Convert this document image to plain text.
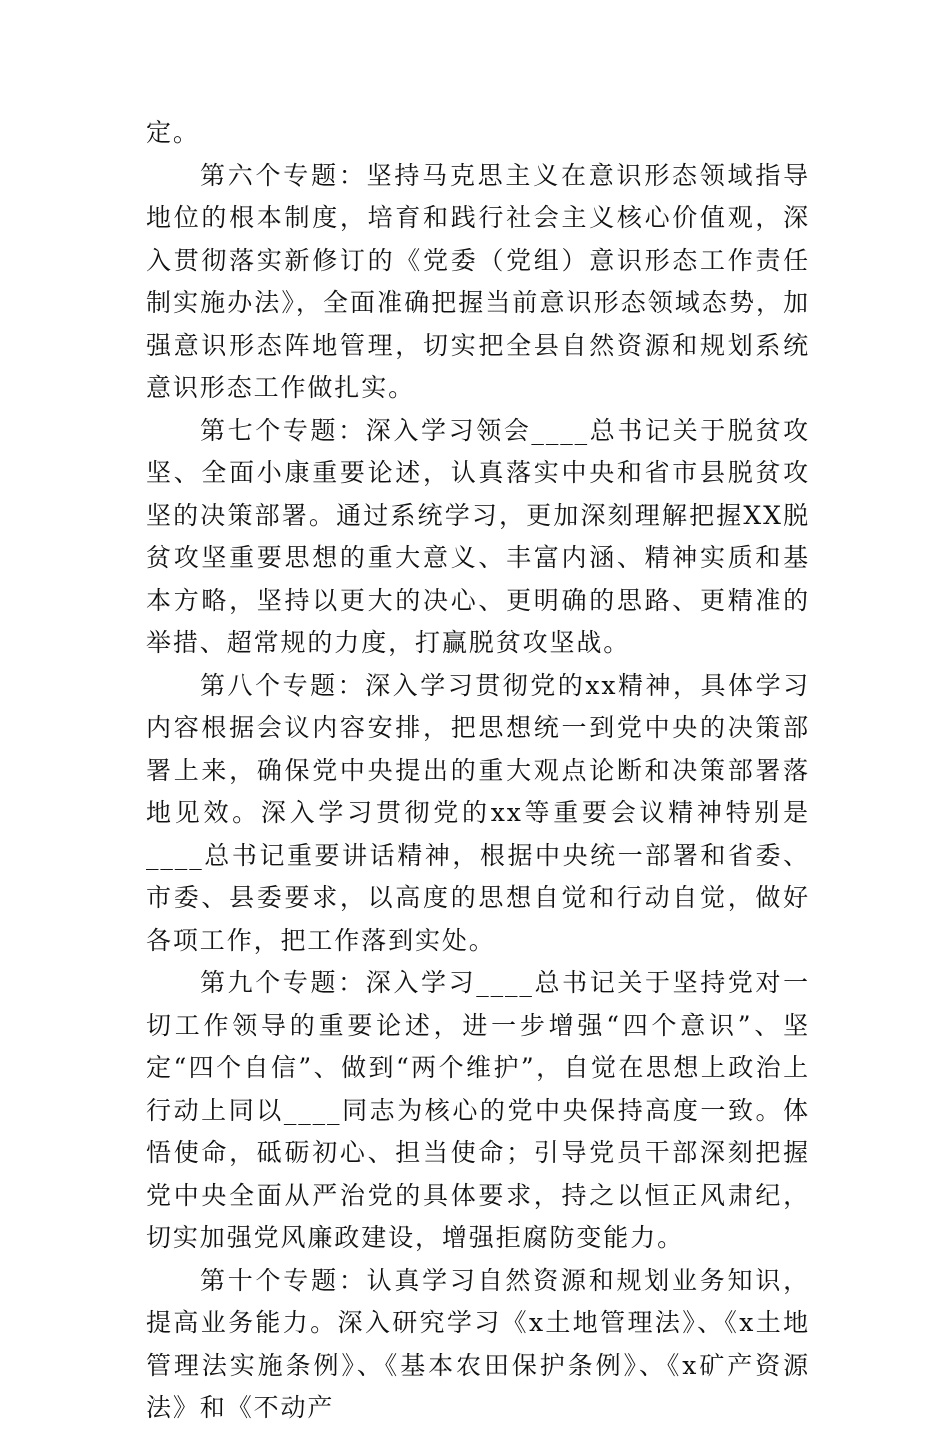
定。

第六个专题：坚持马克思主义在意识形态领域指导地位的根本制度，培育和践行社会主义核心价值观，深入贯彻落实新修订的《党委（党组）意识形态工作责任制实施办法》，全面准确把握当前意识形态领域态势，加强意识形态阵地管理，切实把全县自然资源和规划系统意识形态工作做扎实。

第七个专题：深入学习领会____总书记关于脱贫攻坚、全面小康重要论述，认真落实中央和省市县脱贫攻坚的决策部署。通过系统学习，更加深刻理解把握XX脱贫攻坚重要思想的重大意义、丰富内涵、精神实质和基本方略，坚持以更大的决心、更明确的思路、更精准的举措、超常规的力度，打赢脱贫攻坚战。

第八个专题：深入学习贯彻党的xx精神，具体学习内容根据会议内容安排，把思想统一到党中央的决策部署上来，确保党中央提出的重大观点论断和决策部署落地见效。深入学习贯彻党的xx等重要会议精神特别是____总书记重要讲话精神，根据中央统一部署和省委、市委、县委要求，以高度的思想自觉和行动自觉，做好各项工作，把工作落到实处。

第九个专题：深入学习____总书记关于坚持党对一切工作领导的重要论述，进一步增强“四个意识”、坚定“四个自信”、做到“两个维护”，自觉在思想上政治上行动上同以____同志为核心的党中央保持高度一致。体悟使命，砥砺初心、担当使命；引导党员干部深刻把握党中央全面从严治党的具体要求，持之以恒正风肃纪，切实加强党风廉政建设，增强拒腐防变能力。

第十个专题：认真学习自然资源和规划业务知识，提高业务能力。深入研究学习《x土地管理法》、《x土地管理法实施条例》、《基本农田保护条例》、《x矿产资源法》和《不动产
